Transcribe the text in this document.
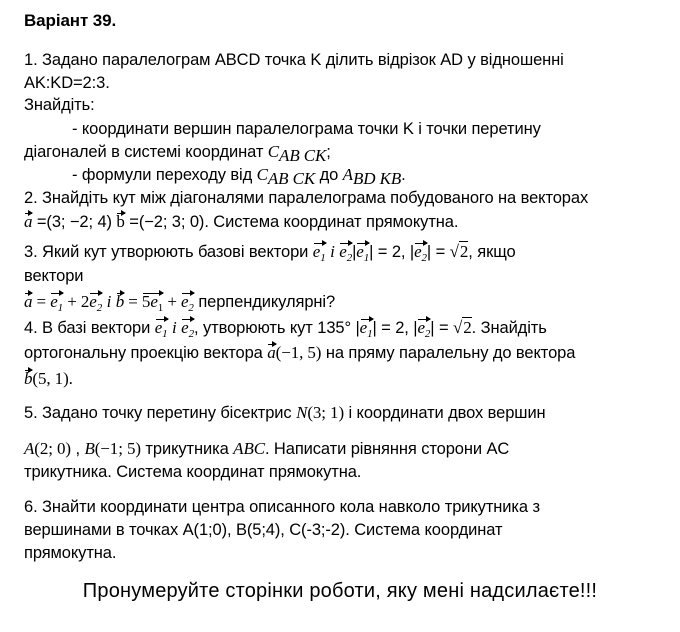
Варіант 39.
1. Задано паралелограм ABCD точка K ділить відрізок AD у відношенні
AK:KD=2:3.
Знайдіть:
- координати вершин паралелограма точки K і точки перетину
діагоналей в системі координат $C_{AB CK}$;
- формули переходу від $C_{AB CK}$ до $A_{BD KB}$.
2. Знайдіть кут між діагоналями паралелограма побудованого на векторах
a =(3; −2; 4) b =(−2; 3; 0). Система координат прямокутна.
3. Який кут утворюють базові вектори $e_1$ і $e_2|e_1| = 2$, $|e_2| = √2$, якщо
вектори
$a = e_1 + 2e_2$ і $b = 5e_1 + e_2$ перпендикулярні?
4. В базі вектори $e_1$ і $e_2$, утворюють кут 135° $|e_1| = 2$, $|e_2| = √2$. Знайдіть
ортогональну проекцію вектора a(−1, 5) на пряму паралельну до вектора
b(5, 1).
5. Задано точку перетину бісектрис N(3; 1) і координати двох вершин
A(2; 0) , B(−1; 5) трикутника ABC. Написати рівняння сторони AC
трикутника. Система координат прямокутна.
6. Знайти координати центра описанного кола навколо трикутника з
вершинами в точках A(1;0), B(5;4), C(-3;-2). Система координат
прямокутна.
Пронумеруйте сторінки роботи, яку мені надсилаєте!!!
